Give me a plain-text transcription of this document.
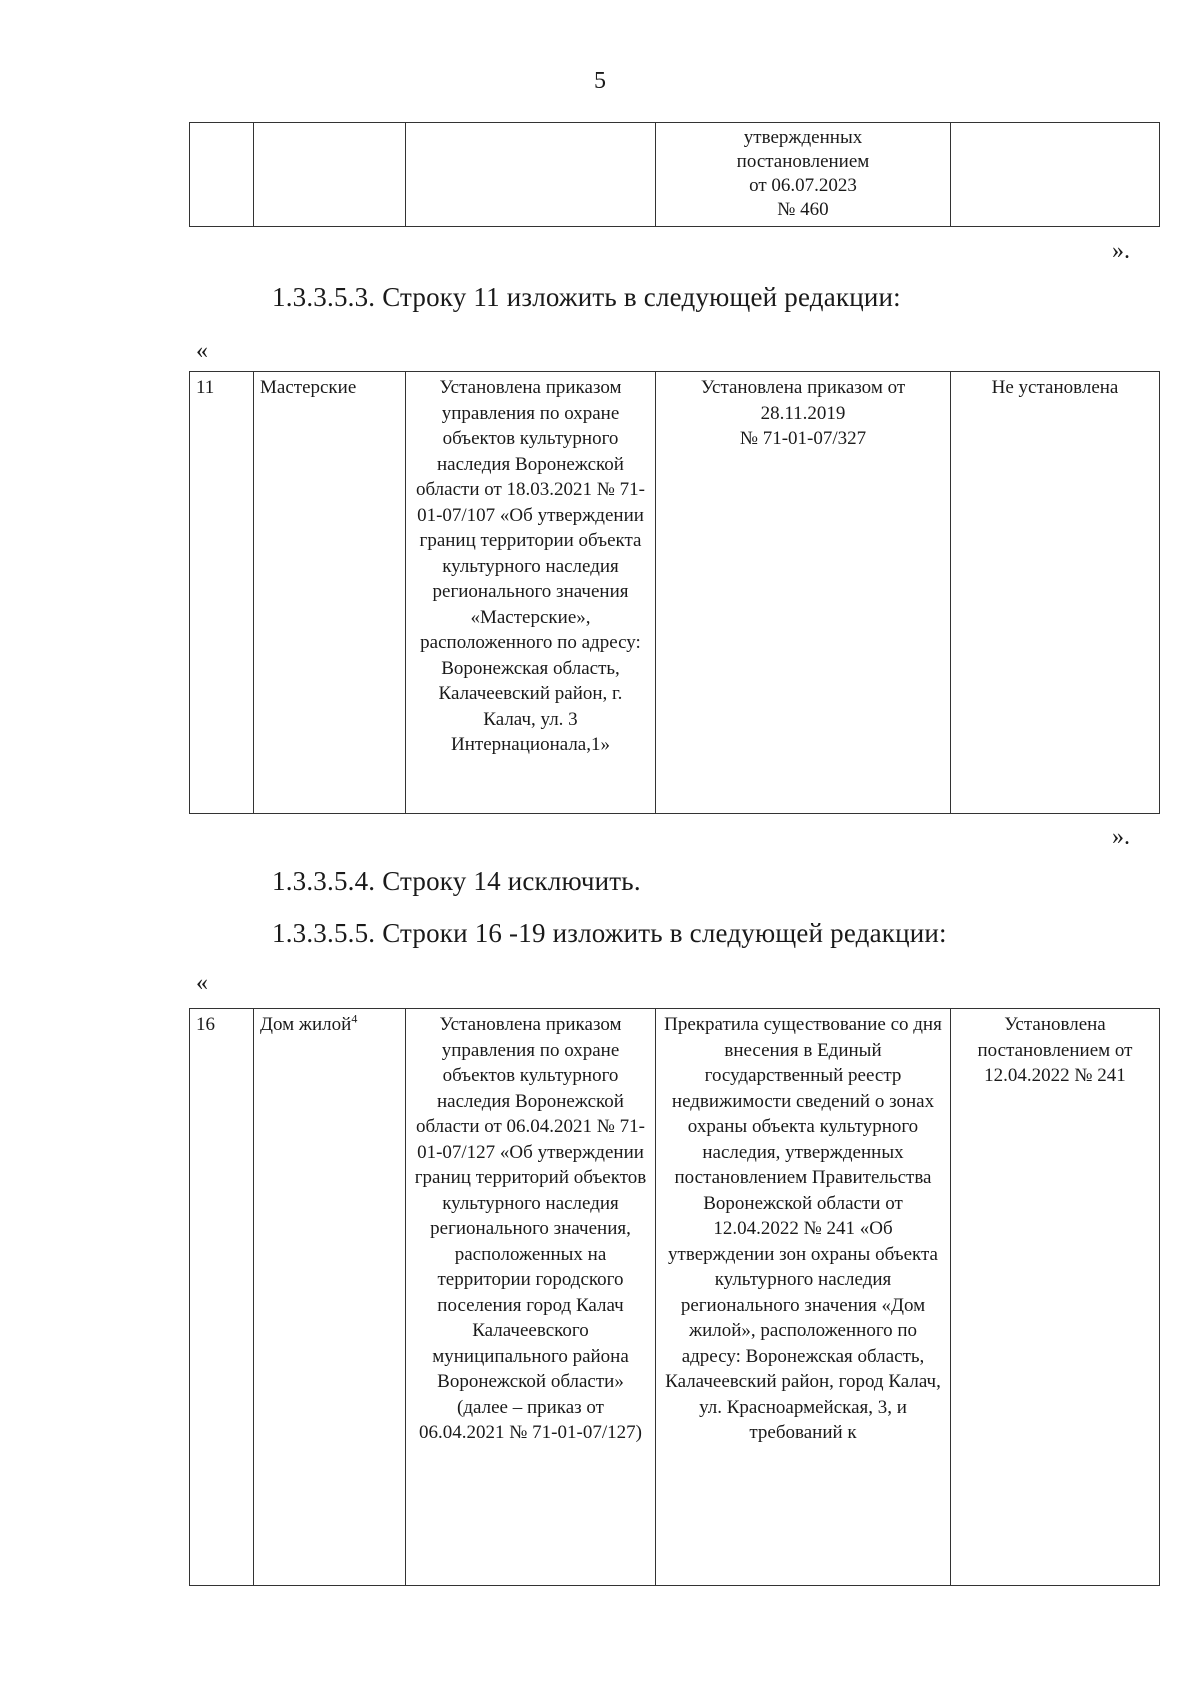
5
			утвержденных
постановлением
от 06.07.2023
№ 460	
».
1.3.3.5.3. Строку 11 изложить в следующей редакции:
«
11	Мастерские	Установлена приказом управления по охране объектов культурного наследия Воронежской области от 18.03.2021 № 71-01-07/107 «Об утверждении границ территории объекта культурного наследия регионального значения «Мастерские», расположенного по адресу: Воронежская область, Калачеевский район, г. Калач, ул. 3 Интернационала,1»	Установлена приказом от 28.11.2019
№ 71-01-07/327	Не установлена
».
1.3.3.5.4. Строку 14 исключить.
1.3.3.5.5. Строки 16 -19 изложить в следующей редакции:
«
16	Дом жилой$^4$	Установлена приказом управления по охране объектов культурного наследия Воронежской области от 06.04.2021 № 71-01-07/127 «Об утверждении границ территорий объектов культурного наследия регионального значения, расположенных на территории городского поселения город Калач Калачеевского муниципального района Воронежской области» (далее – приказ от 06.04.2021 № 71-01-07/127)	Прекратила существование со дня внесения в Единый государственный реестр недвижимости сведений о зонах охраны объекта культурного наследия, утвержденных постановлением Правительства Воронежской области от 12.04.2022 № 241 «Об утверждении зон охраны объекта культурного наследия регионального значения «Дом жилой», расположенного по адресу: Воронежская область, Калачеевский район, город Калач, ул. Красноармейская, 3, и требований к	Установлена постановлением от 12.04.2022 № 241
